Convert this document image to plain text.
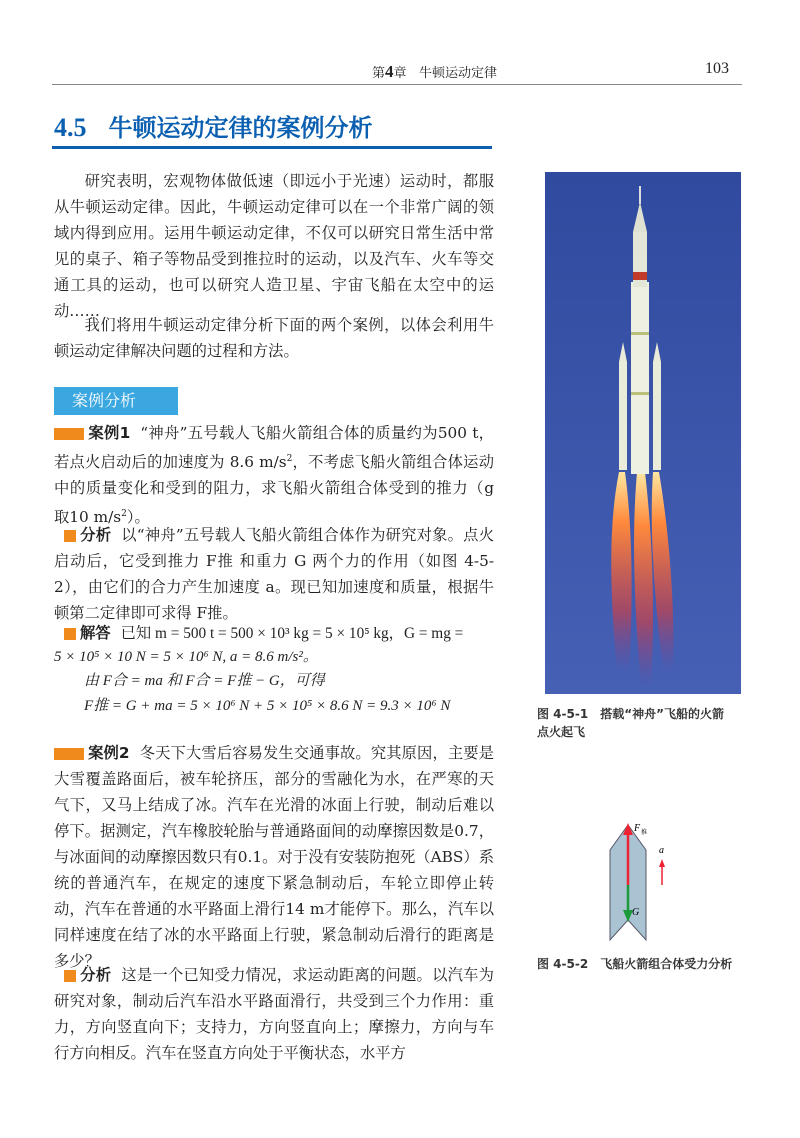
第4章 牛顿运动定律	103
4.5 牛顿运动定律的案例分析
研究表明，宏观物体做低速（即远小于光速）运动时，都服从牛顿运动定律。因此，牛顿运动定律可以在一个非常广阔的领域内得到应用。运用牛顿运动定律，不仅可以研究日常生活中常见的桌子、箱子等物品受到推拉时的运动，以及汽车、火车等交通工具的运动，也可以研究人造卫星、宇宙飞船在太空中的运动……
我们将用牛顿运动定律分析下面的两个案例，以体会利用牛顿运动定律解决问题的过程和方法。
案例分析
案例1 “神舟”五号载人飞船火箭组合体的质量约为500 t，若点火启动后的加速度为 8.6 $m/s^2$，不考虑飞船火箭组合体运动中的质量变化和受到的阻力，求飞船火箭组合体受到的推力（g 取10 $m/s^2$）。
分析 以“神舟”五号载人飞船火箭组合体作为研究对象。点火启动后，它受到推力 F推 和重力 G 两个力的作用（如图 4-5-2），由它们的合力产生加速度 a。现已知加速度和质量，根据牛顿第二定律即可求得 F推。
解答 已知 m = 500 t = 500 × 10³ kg = 5 × 10⁵ kg，G = mg =
5 × 10⁵ × 10 N = 5 × 10⁶ N, a = 8.6 m/s²。
由 F合 = ma 和 F合 = F推 − G，可得
F推 = G + ma = 5 × 10⁶ N + 5 × 10⁵ × 8.6 N = 9.3 × 10⁶ N
案例2 冬天下大雪后容易发生交通事故。究其原因，主要是大雪覆盖路面后，被车轮挤压，部分的雪融化为水，在严寒的天气下，又马上结成了冰。汽车在光滑的冰面上行驶，制动后难以停下。据测定，汽车橡胶轮胎与普通路面间的动摩擦因数是0.7，与冰面间的动摩擦因数只有0.1。对于没有安装防抱死（ABS）系统的普通汽车，在规定的速度下紧急制动后，车轮立即停止转动，汽车在普通的水平路面上滑行14 m才能停下。那么，汽车以同样速度在结了冰的水平路面上行驶，紧急制动后滑行的距离是多少？
分析 这是一个已知受力情况，求运动距离的问题。以汽车为研究对象，制动后汽车沿水平路面滑行，共受到三个力作用：重力，方向竖直向下；支持力，方向竖直向上；摩擦力，方向与车行方向相反。汽车在竖直方向处于平衡状态，水平方
图 4-5-1　搭载“神舟”飞船的火箭
点火起飞
F 推
G
a
图 4-5-2　飞船火箭组合体受力分析
